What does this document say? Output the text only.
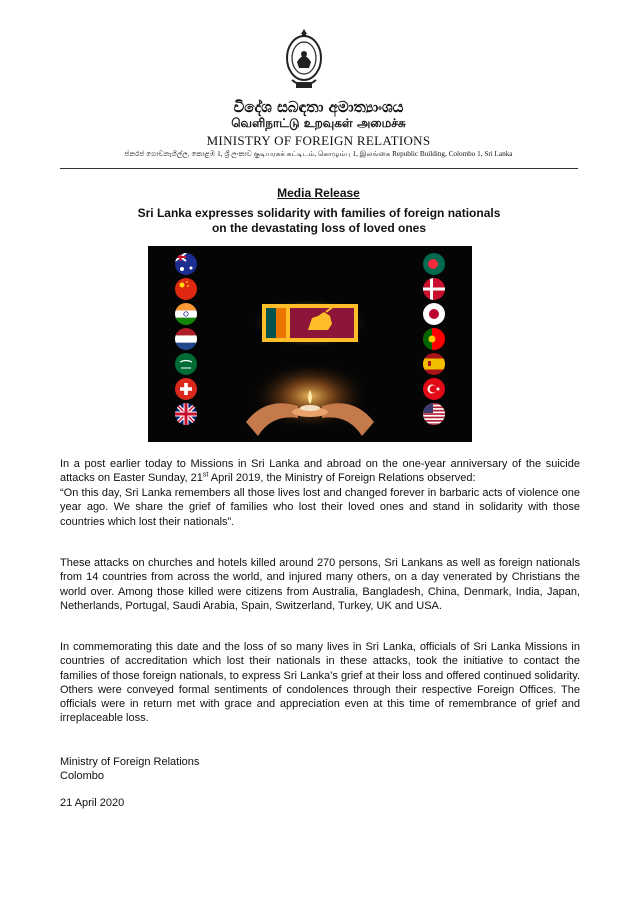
විදේශ සබඳතා අමාත්‍යාංශය
வெளிநாட்டு உறவுகள் அமைச்சு
MINISTRY OF FOREIGN RELATIONS
ජනරජ ගොඩනැගිල්ල, කොළඹ 1, ශ්‍රී ලංකාව குடியரசுக் கட்டிடம், கொழும்பு 1, இலங்கை Republic Building, Colombo 1, Sri Lanka
Media Release
Sri Lanka expresses solidarity with families of foreign nationals
on the devastating loss of loved ones

In a post earlier today to Missions in Sri Lanka and abroad on the one-year anniversary of the suicide attacks on Easter Sunday, 21st April 2019, the Ministry of Foreign Relations observed:

“On this day, Sri Lanka remembers all those lives lost and changed forever in barbaric acts of violence one year ago. We share the grief of families who lost their loved ones and stand in solidarity with those countries which lost their nationals”.

These attacks on churches and hotels killed around 270 persons, Sri Lankans as well as foreign nationals from 14 countries from across the world, and injured many others, on a day venerated by Christians the world over. Among those killed were citizens from Australia, Bangladesh, China, Denmark, India, Japan, Netherlands, Portugal, Saudi Arabia, Spain, Switzerland, Turkey, UK and USA.

In commemorating this date and the loss of so many lives in Sri Lanka, officials of Sri Lanka Missions in countries of accreditation which lost their nationals in these attacks, took the initiative to contact the families of those foreign nationals, to express Sri Lanka’s grief at their loss and offered continued solidarity. Others were conveyed formal sentiments of condolences through their respective Foreign Offices. The officials were in return met with grace and appreciation even at this time of remembrance of grief and irreplaceable loss.

Ministry of Foreign Relations
Colombo
21 April 2020
